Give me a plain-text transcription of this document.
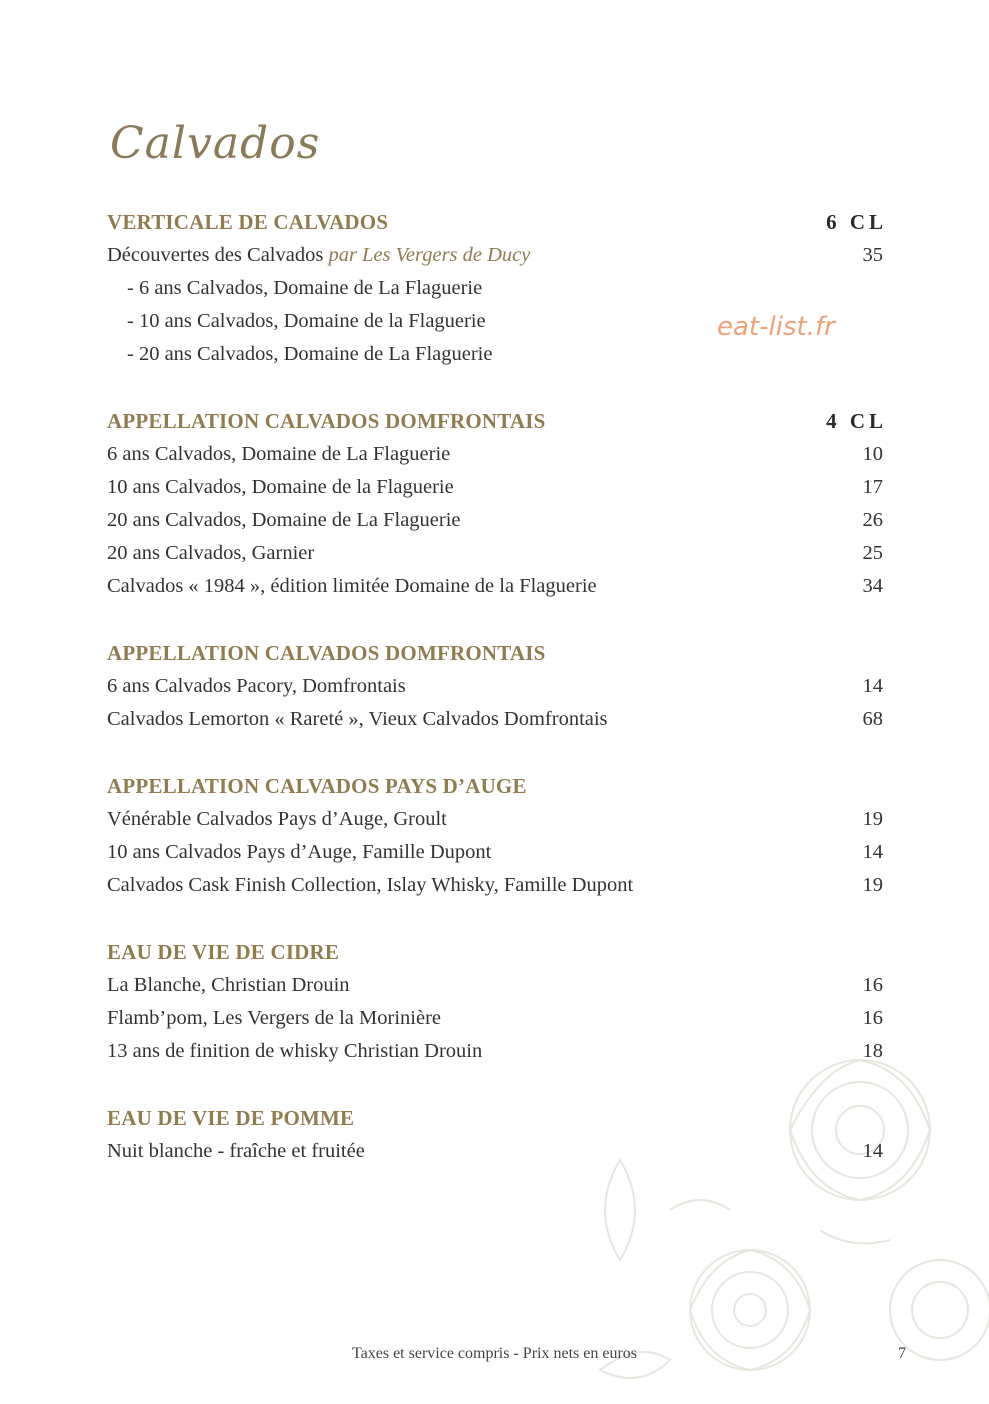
Calvados
eat-list.fr
VERTICALE DE CALVADOS	6 CL
Découvertes des Calvados par Les Vergers de Ducy	35
- 6 ans Calvados, Domaine de La Flaguerie
- 10 ans Calvados, Domaine de la Flaguerie
- 20 ans Calvados, Domaine de La Flaguerie
APPELLATION CALVADOS DOMFRONTAIS	4 CL
6 ans Calvados, Domaine de La Flaguerie	10
10 ans Calvados, Domaine de la Flaguerie	17
20 ans Calvados, Domaine de La Flaguerie	26
20 ans Calvados, Garnier	25
Calvados « 1984 », édition limitée Domaine de la Flaguerie	34
APPELLATION CALVADOS DOMFRONTAIS
6 ans Calvados Pacory, Domfrontais	14
Calvados Lemorton « Rareté », Vieux Calvados Domfrontais	68
APPELLATION CALVADOS PAYS D’AUGE
Vénérable Calvados Pays d’Auge, Groult	19
10 ans Calvados Pays d’Auge, Famille Dupont	14
Calvados Cask Finish Collection, Islay Whisky, Famille Dupont	19
EAU DE VIE DE CIDRE
La Blanche, Christian Drouin	16
Flamb’pom, Les Vergers de la Morinière	16
13 ans de finition de whisky Christian Drouin	18
EAU DE VIE DE POMME
Nuit blanche - fraîche et fruitée	14
Taxes et service compris - Prix nets en euros	7
